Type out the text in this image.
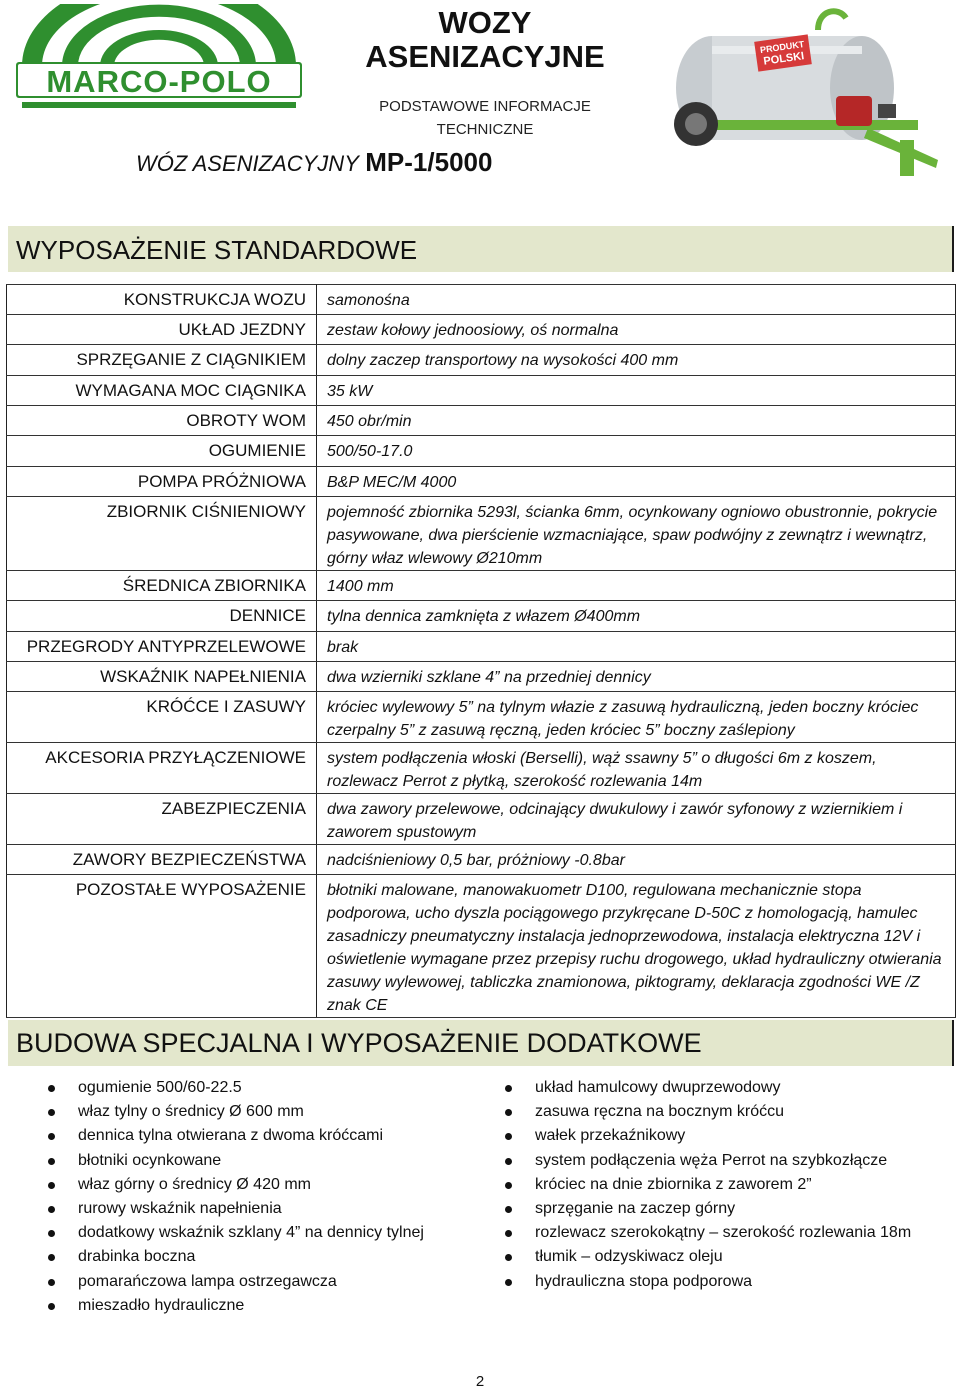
MARCO-POLO
WOZY ASENIZACYJNE
PODSTAWOWE INFORMACJE TECHNICZNE
WÓZ ASENIZACYJNY MP-1/5000
PRODUKT
POLSKI
WYPOSAŻENIE STANDARDOWE
KONSTRUKCJA WOZU	samonośna
UKŁAD JEZDNY	zestaw kołowy jednoosiowy, oś normalna
SPRZĘGANIE Z CIĄGNIKIEM	dolny zaczep transportowy na wysokości 400 mm
WYMAGANA MOC CIĄGNIKA	35 kW
OBROTY WOM	450 obr/min
OGUMIENIE	500/50-17.0
POMPA PRÓŻNIOWA	B&P MEC/M 4000
ZBIORNIK CIŚNIENIOWY	pojemność zbiornika 5293l, ścianka 6mm, ocynkowany ogniowo obustronnie, pokrycie pasywowane, dwa pierścienie wzmacniające, spaw podwójny z zewnątrz i wewnątrz, górny właz wlewowy Ø210mm
ŚREDNICA ZBIORNIKA	1400 mm
DENNICE	tylna dennica zamknięta z włazem Ø400mm
PRZEGRODY ANTYPRZELEWOWE	brak
WSKAŹNIK NAPEŁNIENIA	dwa wzierniki szklane 4” na przedniej dennicy
KRÓĆCE I ZASUWY	króciec wylewowy 5” na tylnym włazie z zasuwą hydrauliczną, jeden boczny króciec czerpalny 5” z zasuwą ręczną, jeden króciec 5” boczny zaślepiony
AKCESORIA PRZYŁĄCZENIOWE	system podłączenia włoski (Berselli), wąż ssawny 5” o długości 6m z koszem, rozlewacz Perrot z płytką, szerokość rozlewania 14m
ZABEZPIECZENIA	dwa zawory przelewowe, odcinający dwukulowy i zawór syfonowy z wziernikiem i zaworem spustowym
ZAWORY BEZPIECZEŃSTWA	nadciśnieniowy 0,5 bar, próżniowy -0.8bar
POZOSTAŁE WYPOSAŻENIE	błotniki malowane, manowakuometr D100, regulowana mechanicznie stopa podporowa, ucho dyszla pociągowego przykręcane D-50C z homologacją, hamulec zasadniczy pneumatyczny instalacja jednoprzewodowa, instalacja elektryczna 12V i oświetlenie wymagane przez przepisy ruchu drogowego, układ hydrauliczny otwierania zasuwy wylewowej, tabliczka znamionowa, piktogramy, deklaracja zgodności WE /Z znak CE
BUDOWA SPECJALNA I WYPOSAŻENIE DODATKOWE
ogumienie 500/60-22.5
właz tylny o średnicy Ø 600 mm
dennica tylna otwierana z dwoma króćcami
błotniki ocynkowane
właz górny o średnicy Ø 420 mm
rurowy wskaźnik napełnienia
dodatkowy wskaźnik szklany 4” na dennicy tylnej
drabinka boczna
pomarańczowa lampa ostrzegawcza
mieszadło hydrauliczne
układ hamulcowy dwuprzewodowy
zasuwa ręczna na bocznym króćcu
wałek przekaźnikowy
system podłączenia węża Perrot na szybkozłącze
króciec na dnie zbiornika z zaworem 2”
sprzęganie na zaczep górny
rozlewacz szerokokątny – szerokość rozlewania 18m
tłumik – odzyskiwacz oleju
hydrauliczna stopa podporowa
2
